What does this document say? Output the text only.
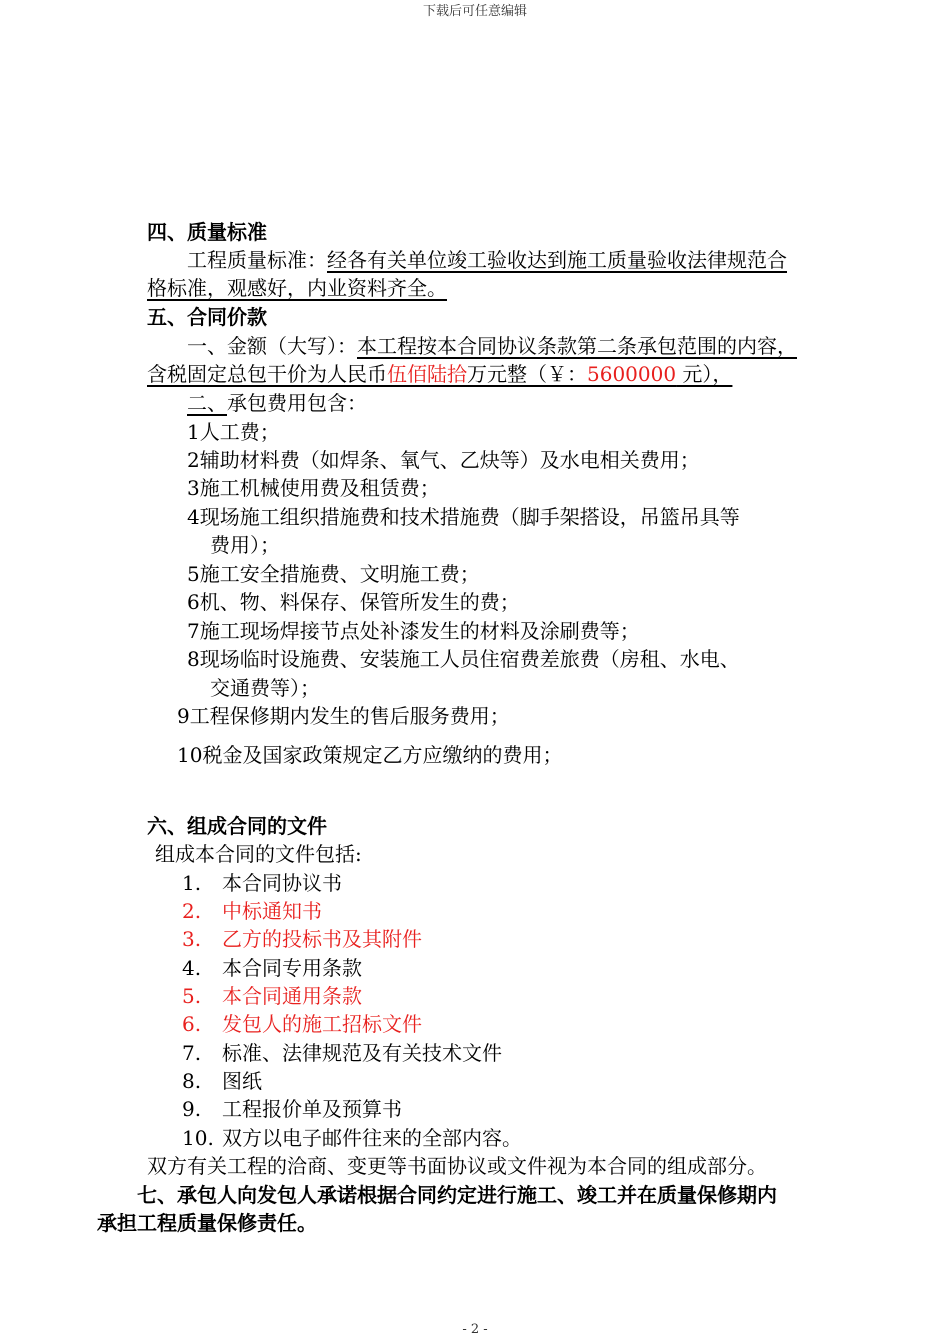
下载后可任意编辑
四、质量标准
工程质量标准：经各有关单位竣工验收达到施工质量验收法律规范合
格标准，观感好，内业资料齐全。
五、合同价款
一、金额（大写）：本工程按本合同协议条款第二条承包范围的内容，
含税固定总包干价为人民币伍佰陆拾万元整（￥：5600000 元），
二、承包费用包含：
1人工费；
2辅助材料费（如焊条、氧气、乙炔等）及水电相关费用；
3施工机械使用费及租赁费；
4现场施工组织措施费和技术措施费（脚手架搭设，吊篮吊具等
费用）；
5施工安全措施费、文明施工费；
6机、物、料保存、保管所发生的费；
7施工现场焊接节点处补漆发生的材料及涂刷费等；
8现场临时设施费、安装施工人员住宿费差旅费（房租、水电、
交通费等）；
9工程保修期内发生的售后服务费用；
10税金及国家政策规定乙方应缴纳的费用；
六、组成合同的文件
组成本合同的文件包括:
1. 本合同协议书
2. 中标通知书
3. 乙方的投标书及其附件
4. 本合同专用条款
5. 本合同通用条款
6. 发包人的施工招标文件
7. 标准、法律规范及有关技术文件
8. 图纸
9. 工程报价单及预算书
10. 双方以电子邮件往来的全部内容。
双方有关工程的洽商、变更等书面协议或文件视为本合同的组成部分。
七、承包人向发包人承诺根据合同约定进行施工、竣工并在质量保修期内
承担工程质量保修责任。
- 2 -
